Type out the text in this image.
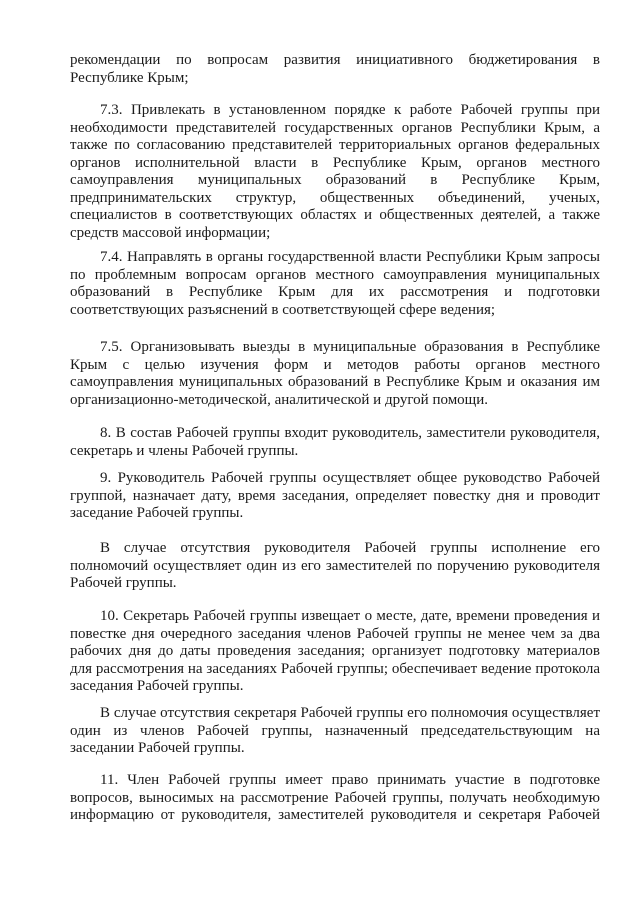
рекомендации по вопросам развития инициативного бюджетирования в Республике Крым;

7.3. Привлекать в установленном порядке к работе Рабочей группы при необходимости представителей государственных органов Республики Крым, а также по согласованию представителей территориальных органов федеральных органов исполнительной власти в Республике Крым, органов местного самоуправления муниципальных образований в Республике Крым, предпринимательских структур, общественных объединений, ученых, специалистов в соответствующих областях и общественных деятелей, а также средств массовой информации;

7.4. Направлять в органы государственной власти Республики Крым запросы по проблемным вопросам органов местного самоуправления муниципальных образований в Республике Крым для их рассмотрения и подготовки соответствующих разъяснений в соответствующей сфере ведения;

7.5. Организовывать выезды в муниципальные образования в Республике Крым с целью изучения форм и методов работы органов местного самоуправления муниципальных образований в Республике Крым и оказания им организационно-методической, аналитической и другой помощи.

8. В состав Рабочей группы входит руководитель, заместители руководителя, секретарь и члены Рабочей группы.

9. Руководитель Рабочей группы осуществляет общее руководство Рабочей группой, назначает дату, время заседания, определяет повестку дня и проводит заседание Рабочей группы.

В случае отсутствия руководителя Рабочей группы исполнение его полномочий осуществляет один из его заместителей по поручению руководителя Рабочей группы.

10. Секретарь Рабочей группы извещает о месте, дате, времени проведения и повестке дня очередного заседания членов Рабочей группы не менее чем за два рабочих дня до даты проведения заседания; организует подготовку материалов для рассмотрения на заседаниях Рабочей группы; обеспечивает ведение протокола заседания Рабочей группы.

В случае отсутствия секретаря Рабочей группы его полномочия осуществляет один из членов Рабочей группы, назначенный председательствующим на заседании Рабочей группы.

11. Член Рабочей группы имеет право принимать участие в подготовке вопросов, выносимых на рассмотрение Рабочей группы, получать необходимую информацию от руководителя, заместителей руководителя и секретаря Рабочей
